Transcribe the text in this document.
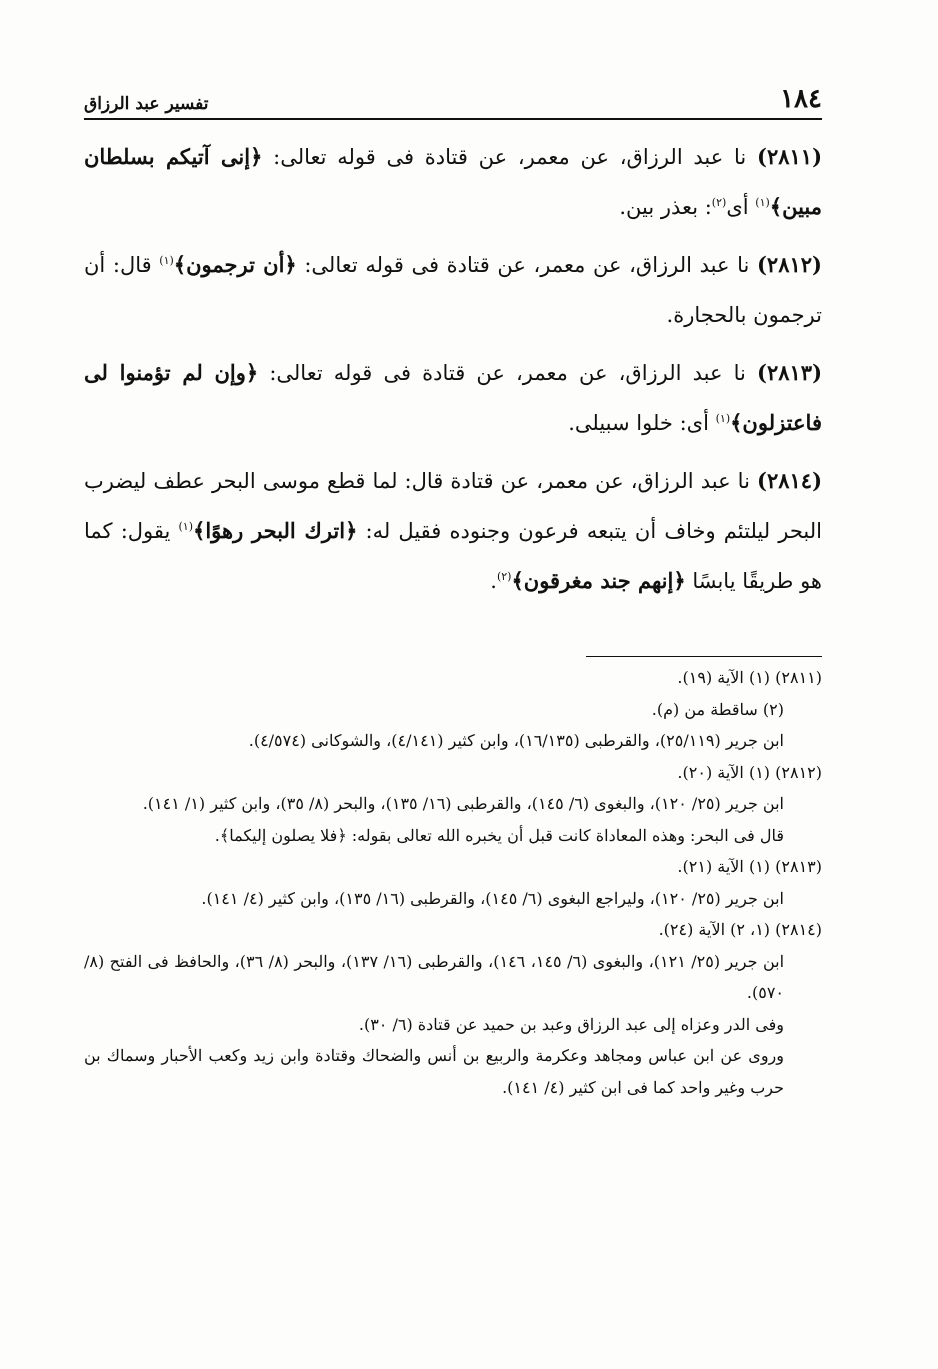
١٨٤
تفسير عبد الرزاق

(٢٨١١) نا عبد الرزاق، عن معمر، عن قتادة فى قوله تعالى: ﴿إنى آتيكم بسلطان مبين﴾$^{(١)}$ أى$^{(٢)}$: بعذر بين.

(٢٨١٢) نا عبد الرزاق، عن معمر، عن قتادة فى قوله تعالى: ﴿أن ترجمون﴾$^{(١)}$ قال: أن ترجمون بالحجارة.

(٢٨١٣) نا عبد الرزاق، عن معمر، عن قتادة فى قوله تعالى: ﴿وإن لم تؤمنوا لى فاعتزلون﴾$^{(١)}$ أى: خلوا سبيلى.

(٢٨١٤) نا عبد الرزاق، عن معمر، عن قتادة قال: لما قطع موسى البحر عطف ليضرب البحر ليلتئم وخاف أن يتبعه فرعون وجنوده فقيل له: ﴿اترك البحر رهوًا﴾$^{(١)}$ يقول: كما هو طريقًا يابسًا ﴿إنهم جند مغرقون﴾$^{(٢)}$.

(٢٨١١) (١) الآية (١٩).

(٢) ساقطة من (م).

ابن جرير (٢٥/١١٩)، والقرطبى (١٦/١٣٥)، وابن كثير (٤/١٤١)، والشوكانى (٤/٥٧٤).

(٢٨١٢) (١) الآية (٢٠).

ابن جرير (٢٥/ ١٢٠)، والبغوى (٦/ ١٤٥)، والقرطبى (١٦/ ١٣٥)، والبحر (٨/ ٣٥)، وابن كثير (١/ ١٤١).

قال فى البحر: وهذه المعاداة كانت قبل أن يخبره الله تعالى بقوله: ﴿فلا يصلون إليكما﴾.

(٢٨١٣) (١) الآية (٢١).

ابن جرير (٢٥/ ١٢٠)، وليراجع البغوى (٦/ ١٤٥)، والقرطبى (١٦/ ١٣٥)، وابن كثير (٤/ ١٤١).

(٢٨١٤) (١، ٢) الآية (٢٤).

ابن جرير (٢٥/ ١٢١)، والبغوى (٦/ ١٤٥، ١٤٦)، والقرطبى (١٦/ ١٣٧)، والبحر (٨/ ٣٦)، والحافظ فى الفتح (٨/ ٥٧٠).

وفى الدر وعزاه إلى عبد الرزاق وعبد بن حميد عن قتادة (٦/ ٣٠).

وروى عن ابن عباس ومجاهد وعكرمة والربيع بن أنس والضحاك وقتادة وابن زيد وكعب الأحبار وسماك بن حرب وغير واحد كما فى ابن كثير (٤/ ١٤١).
